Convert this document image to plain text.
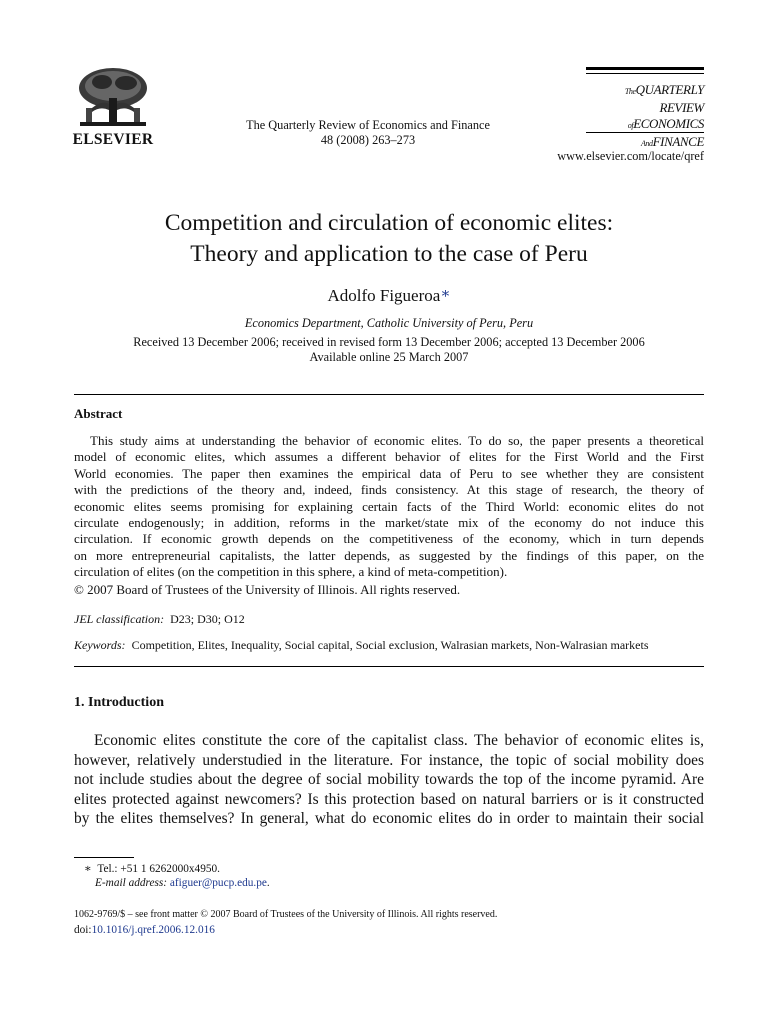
ELSEVIER
The Quarterly Review of Economics and Finance
48 (2008) 263–273
TheQUARTERLY REVIEW
ofECONOMICS
AndFINANCE
www.elsevier.com/locate/qref
Competition and circulation of economic elites:
Theory and application to the case of Peru
Adolfo Figueroa∗
Economics Department, Catholic University of Peru, Peru
Received 13 December 2006; received in revised form 13 December 2006; accepted 13 December 2006
Available online 25 March 2007
Abstract
This study aims at understanding the behavior of economic elites. To do so, the paper presents a theoretical
model of economic elites, which assumes a different behavior of elites for the First World and the First
World economies. The paper then examines the empirical data of Peru to see whether they are consistent
with the predictions of the theory and, indeed, finds consistency. At this stage of research, the theory of
economic elites seems promising for explaining certain facts of the Third World: economic elites do not
circulate endogenously; in addition, reforms in the market/state mix of the economy do not induce this
circulation. If economic growth depends on the competitiveness of the economy, which in turn depends
on more entrepreneurial capitalists, the latter depends, as suggested by the findings of this paper, on the
circulation of elites (on the competition in this sphere, a kind of meta-competition).
© 2007 Board of Trustees of the University of Illinois. All rights reserved.
JEL classification: D23; D30; O12
Keywords: Competition, Elites, Inequality, Social capital, Social exclusion, Walrasian markets, Non-Walrasian markets
1. Introduction
Economic elites constitute the core of the capitalist class. The behavior of economic elites is,
however, relatively understudied in the literature. For instance, the topic of social mobility does
not include studies about the degree of social mobility towards the top of the income pyramid. Are
elites protected against newcomers? Is this protection based on natural barriers or is it constructed
by the elites themselves? In general, what do economic elites do in order to maintain their social
∗ Tel.: +51 1 6262000x4950.
E-mail address: afiguer@pucp.edu.pe.
1062-9769/$ – see front matter © 2007 Board of Trustees of the University of Illinois. All rights reserved.
doi:10.1016/j.qref.2006.12.016
